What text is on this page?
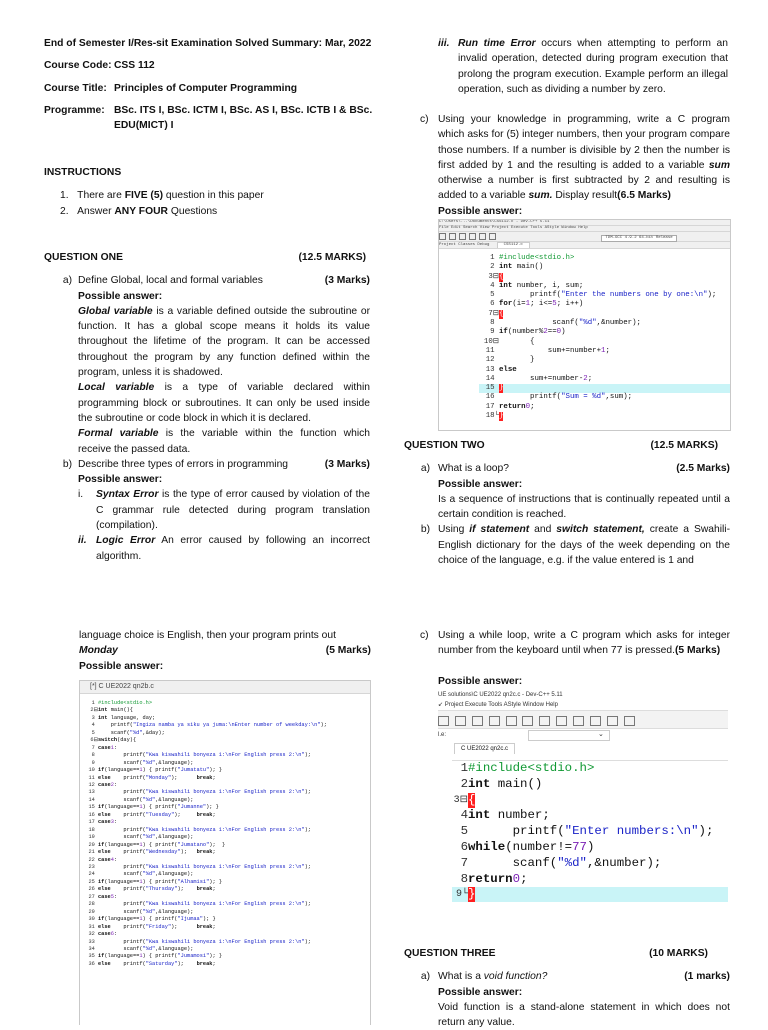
End of Semester I/Res-sit Examination Solved Summary: Mar, 2022

Course Code: CSS 112
Course Title: Principles of Computer Programming
Programme: BSc. ITS I, BSc. ICTM I, BSc. AS I, BSc. ICTB I & BSc.
EDU(MICT) I

INSTRUCTIONS

1.   There are FIVE (5) question in this paper

2.   Answer ANY FOUR Questions

QUESTION ONE	(12.5 MARKS)
a) Define Global, local and formal variables	(3 Marks)

Possible answer:

Global variable is a variable defined outside the subroutine or function. It has a global scope means it holds its value throughout the lifetime of the program. It can be accessed throughout the program by any function defined within the program, unless it is shadowed.

Local variable is a type of variable declared within programming block or subroutines. It can only be used inside the subroutine or code block in which it is declared.

Formal variable is the variable within the function which receive the passed data.

b) Describe three types of errors in programming	(3 Marks)

Possible answer:

i.	Syntax Error is the type of error caused by violation of the C grammar rule detected during program translation (compilation).

ii. Logic Error An error caused by following an incorrect algorithm.

iii. Run time Error occurs when attempting to perform an invalid operation, detected during program execution that prolong the program execution. Example perform an illegal operation, such as dividing a number by zero.

c) Using your knowledge in programming, write a C program which asks for (5) integer numbers, then your program compare those numbers. If a number is divisible by 2 then the number is first added by 1 and the resulting is added to a variable sum otherwise a number is first subtracted by 2 and resulting is added to a variable sum. Display result(6.5 Marks)

Possible answer:

C:\Users\...\Documents\CSS112.c - Dev-C++ 5.11
File Edit Search View Project Execute Tools AStyle Window Help
TDM-GCC 4.9.2 64-bit Release
Project Classes Debug	CSS112.c
1 #include<stdio.h>
2 int main()
3⊟ {
4 int number, i, sum;
5 printf( "Enter the numbers one by one:\n" );
6 for (i= 1 ; i<= 5 ; i++)
7⊟ {
8 scanf( "%d" ,&number);
9 if (number% 2 == 0 )
10⊟ {
11 sum+=number+ 1 ;
12 }
13 else
14 sum+=number- 2 ;
15 }
16 printf( "Sum = %d" ,sum);
17 return 0 ;
18└ }
QUESTION TWO	(12.5 MARKS)
a) What is a loop?	(2.5 Marks)

Possible answer:

Is a sequence of instructions that is continually repeated until a certain condition is reached.

b) Using if statement and switch statement, create a Swahili-English dictionary for the days of the week depending on the choice of the language, e.g. if the value entered is 1 and

language choice is English, then your program prints out

Monday	(5 Marks)

Possible answer:

[*] C UE2022 qn2b.c
1 #include<stdio.h>
2⊟ int main(){
3 int language, day;
4 printf( "Ingiza namba ya siku ya juma:\nEnter number of weekday:\n" );
5 scanf( "%d" ,&day);
6⊟ switch (day){
7 case 1 :
8 printf( "Kwa kiswahili bonyeza 1:\nFor English press 2:\n" );
9 scanf( "%d" ,&language);
10 if (language== 1 ) { printf( "Jumatatu" ); }
11 else printf( "Monday" ); break ;
12 case 2 :
13 printf( "Kwa kiswahili bonyeza 1:\nFor English press 2:\n" );
14 scanf( "%d" ,&language);
15 if (language== 1 ) { printf( "Jumanne" ); }
16 else printf( "Tuesday" ); break ;
17 case 3 :
18 printf( "Kwa kiswahili bonyeza 1:\nFor English press 2:\n" );
19 scanf( "%d" ,&language);
20 if (language== 1 ) { printf( "Jumatano" );  }
21 else printf( "Wednesday" ); break ;
22 case 4 :
23 printf( "Kwa kiswahili bonyeza 1:\nFor English press 2:\n" );
24 scanf( "%d" ,&language);
25 if (language== 1 ) { printf( "Alhamisi" ); }
26 else printf( "Thursday" ); break ;
27 case 5 :
28 printf( "Kwa kiswahili bonyeza 1:\nFor English press 2:\n" );
29 scanf( "%d" ,&language);
30 if (language== 1 ) { printf( "Ijumaa" ); }
31 else printf( "Friday" ); break ;
32 case 6 :
33 printf( "Kwa kiswahili bonyeza 1:\nFor English press 2:\n" );
34 scanf( "%d" ,&language);
35 if (language== 1 ) { printf( "Jumamosi" ); }
36 else printf( "Saturday" ); break ;
c) Using a while loop, write a C program which asks for integer number from the keyboard until when 77 is pressed.(5 Marks)

Possible answer:

UE solutions\C UE2022 qn2c.c - Dev-C++ 5.11
↙ Project Execute Tools AStyle Window Help

l.e:	⌄
C UE2022 qn2c.c
1 #include<stdio.h>
2 int main()
3⊟ {
4 int number;
5 printf( "Enter numbers:\n" );
6 while (number!= 77 )
7 scanf( "%d" ,&number);
8 return 0 ;
9└ }
QUESTION THREE	(10 MARKS)
a) What is a void function?	(1 marks)

Possible answer:

Void function is a stand-alone statement in which does not return any value.
